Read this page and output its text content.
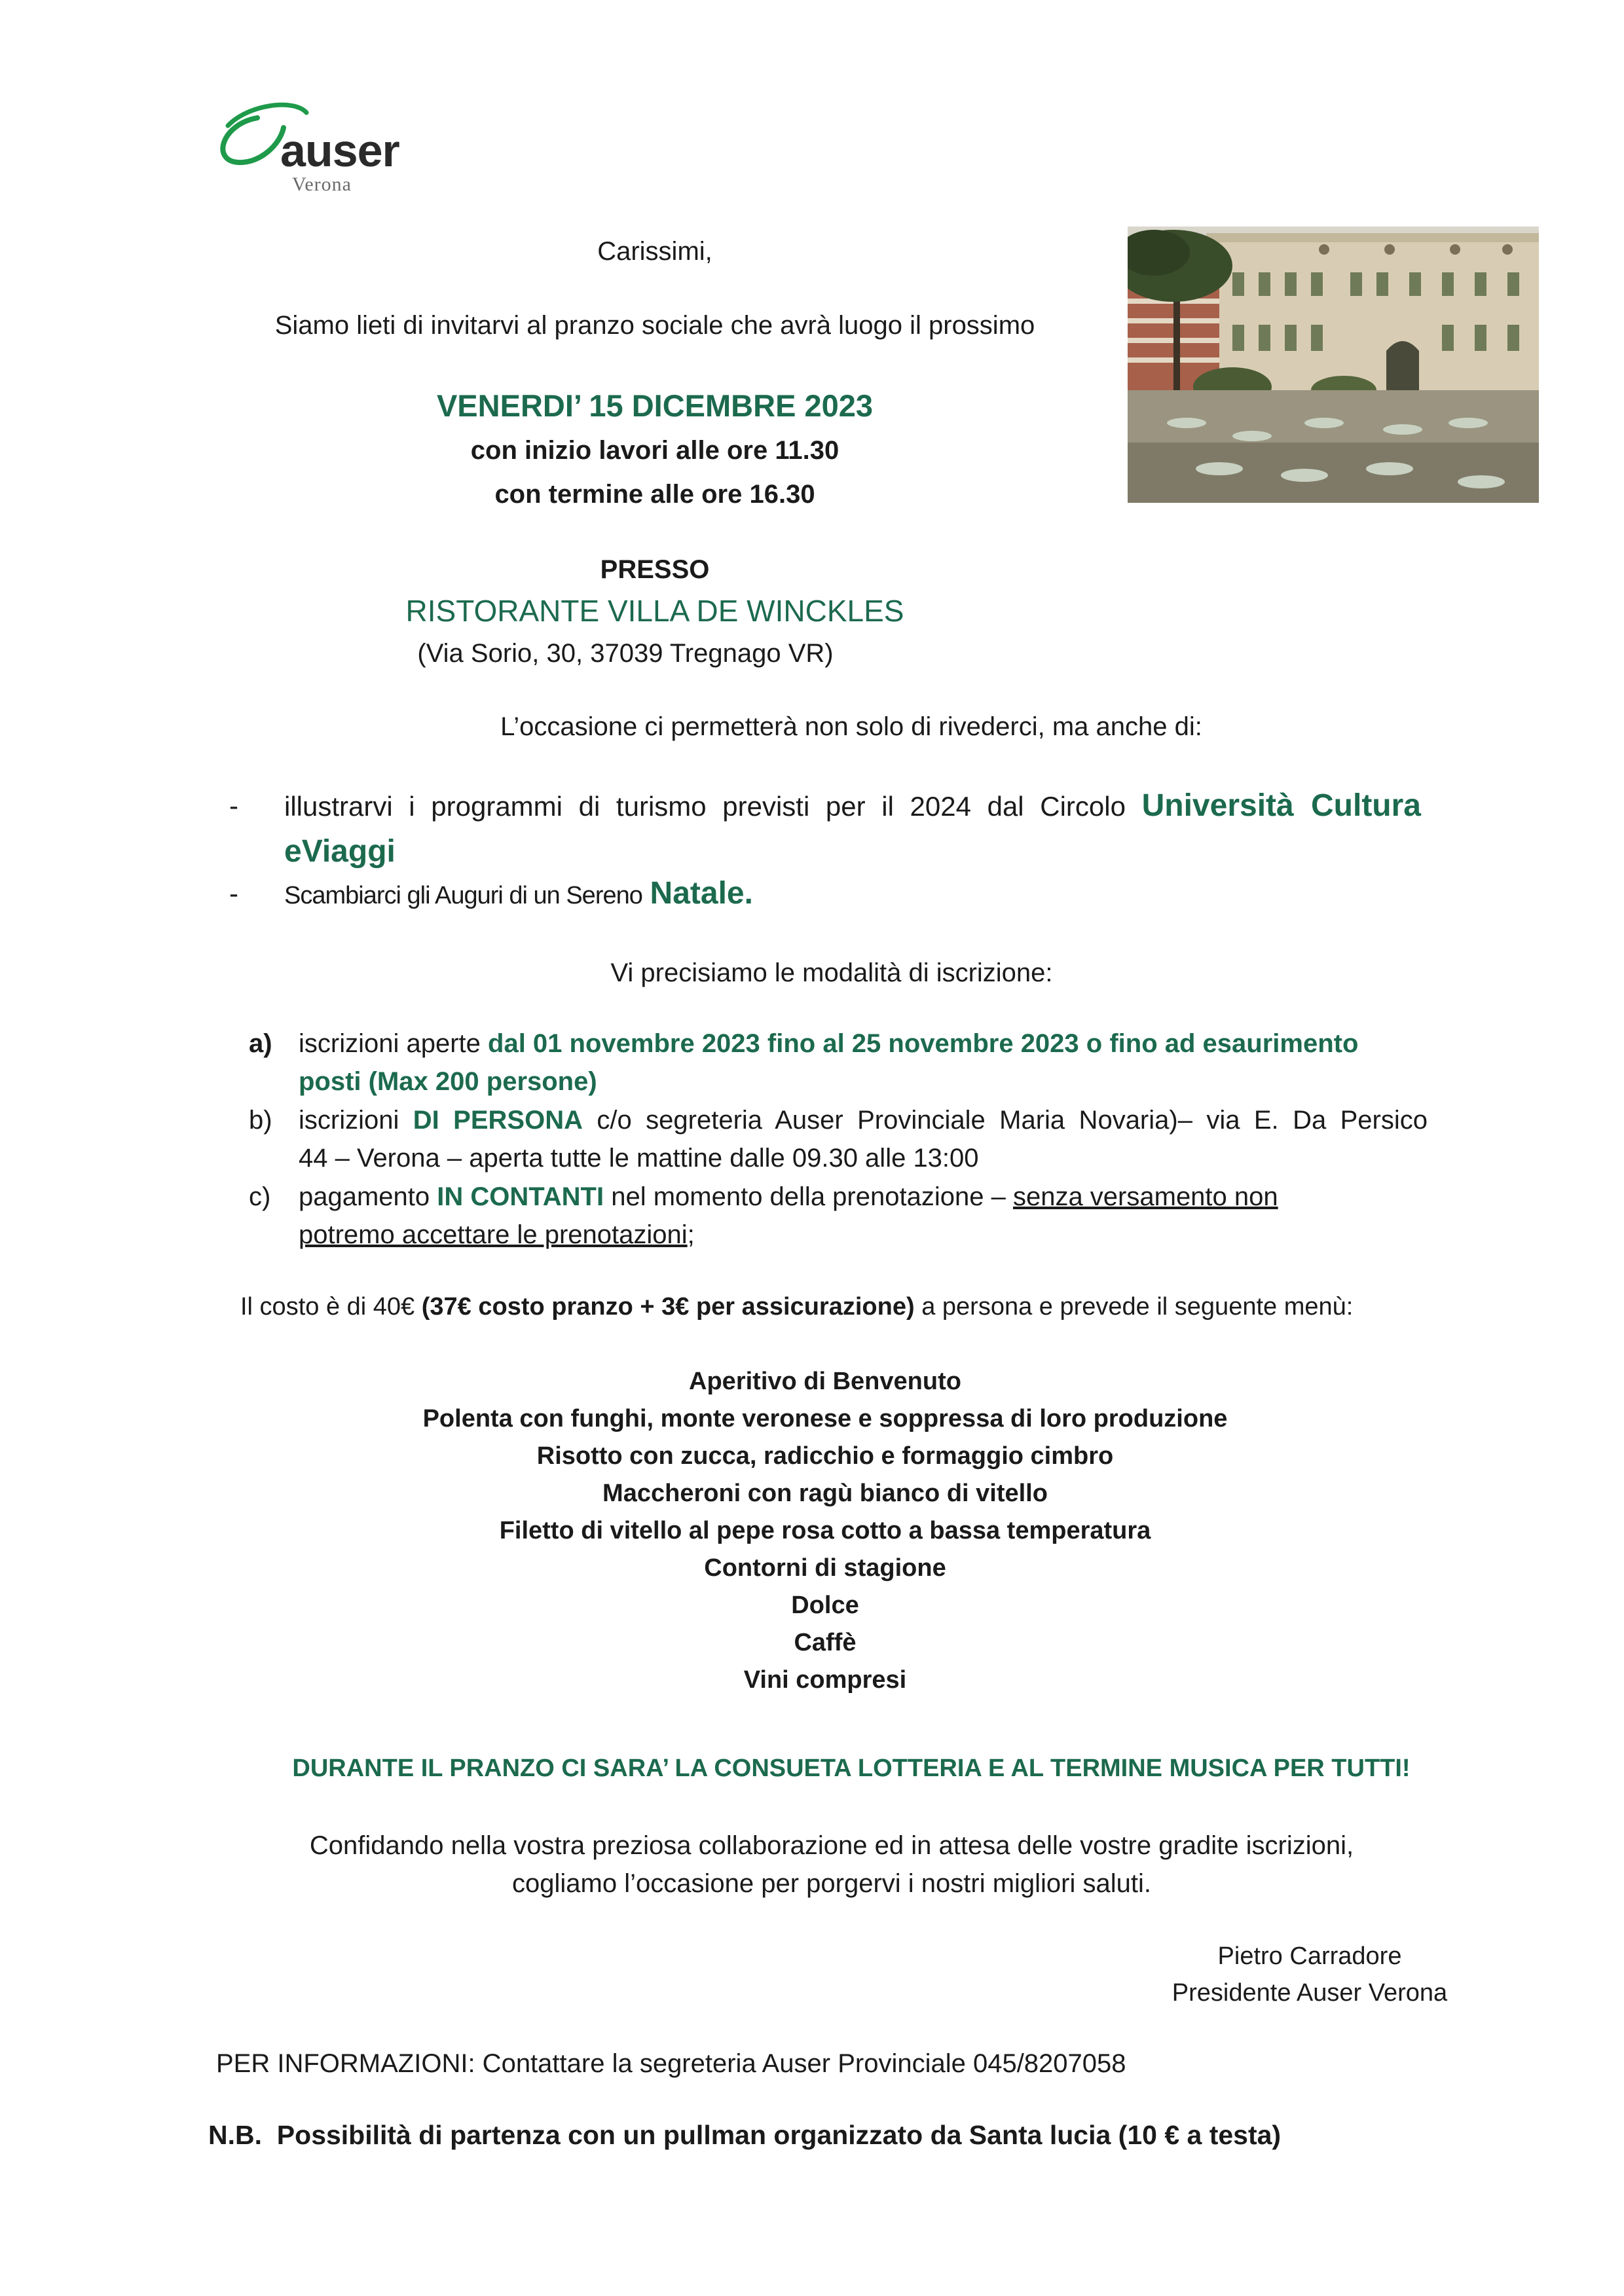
auser
Verona
Carissimi,
Siamo lieti di invitarvi al pranzo sociale che avrà luogo il prossimo
VENERDI’ 15 DICEMBRE 2023
con inizio lavori alle ore 11.30
con termine alle ore 16.30
PRESSO
RISTORANTE VILLA DE WINCKLES
(Via Sorio, 30, 37039 Tregnago VR)
L’occasione ci permetterà non solo di rivederci, ma anche di:
- illustrarvi i programmi di turismo previsti per il 2024 dal Circolo Università Cultura
eViaggi
- Scambiarci gli Auguri di un Sereno Natale.
Vi precisiamo le modalità di iscrizione:
a) iscrizioni aperte dal 01 novembre 2023 fino al 25 novembre 2023 o fino ad esaurimento
posti (Max 200 persone)
b) iscrizioni DI PERSONA c/o segreteria Auser Provinciale Maria Novaria)– via E. Da Persico
44 – Verona – aperta tutte le mattine dalle 09.30 alle 13:00
c) pagamento IN CONTANTI nel momento della prenotazione – senza versamento non
potremo accettare le prenotazioni;
Il costo è di 40€ (37€ costo pranzo + 3€ per assicurazione) a persona e prevede il seguente menù:
Aperitivo di Benvenuto
Polenta con funghi, monte veronese e soppressa di loro produzione
Risotto con zucca, radicchio e formaggio cimbro
Maccheroni con ragù bianco di vitello
Filetto di vitello al pepe rosa cotto a bassa temperatura
Contorni di stagione
Dolce
Caffè
Vini compresi
DURANTE IL PRANZO CI SARA’ LA CONSUETA LOTTERIA E AL TERMINE MUSICA PER TUTTI!
Confidando nella vostra preziosa collaborazione ed in attesa delle vostre gradite iscrizioni,
cogliamo l’occasione per porgervi i nostri migliori saluti.
Pietro Carradore
Presidente Auser Verona
PER INFORMAZIONI: Contattare la segreteria Auser Provinciale 045/8207058
N.B. Possibilità di partenza con un pullman organizzato da Santa lucia (10 € a testa)
